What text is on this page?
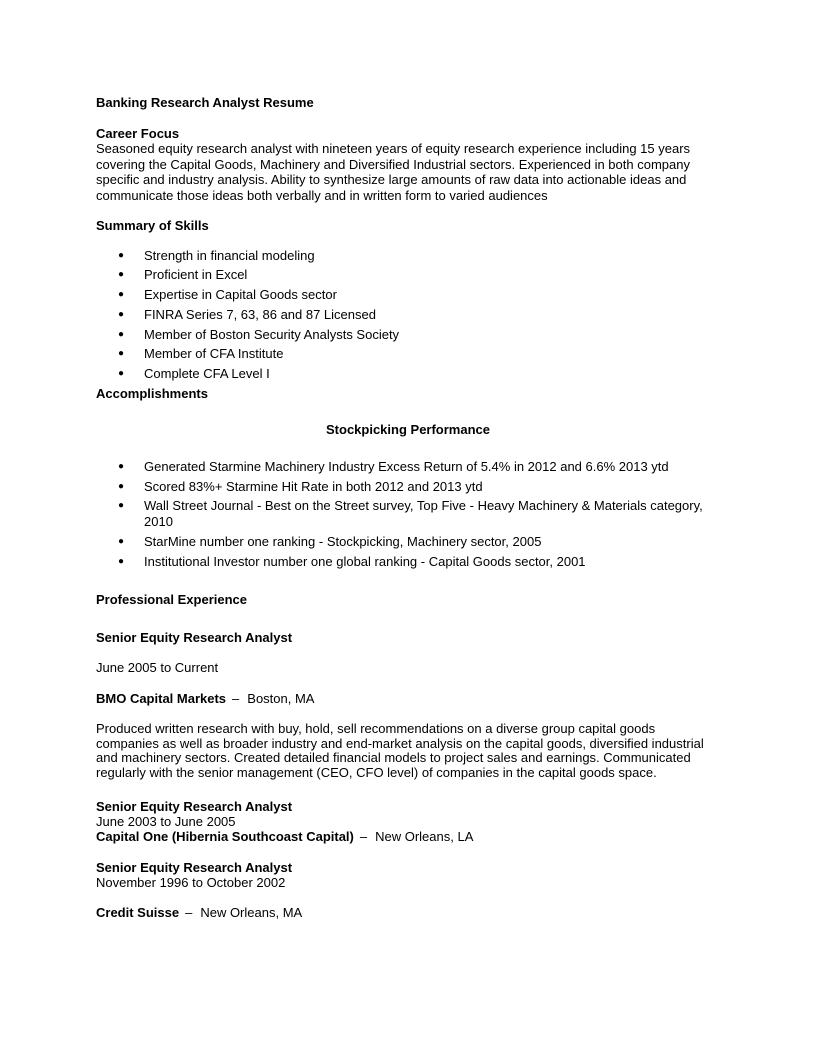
Banking Research Analyst Resume

Career Focus

Seasoned equity research analyst with nineteen years of equity research experience including 15 years covering the Capital Goods, Machinery and Diversified Industrial sectors. Experienced in both company specific and industry analysis. Ability to synthesize large amounts of raw data into actionable ideas and communicate those ideas both verbally and in written form to varied audiences

Summary of Skills

● Strength in financial modeling
● Proficient in Excel
● Expertise in Capital Goods sector
● FINRA Series 7, 63, 86 and 87 Licensed
● Member of Boston Security Analysts Society
● Member of CFA Institute
● Complete CFA Level I

Accomplishments

Stockpicking Performance

● Generated Starmine Machinery Industry Excess Return of 5.4% in 2012 and 6.6% 2013 ytd
● Scored 83%+ Starmine Hit Rate in both 2012 and 2013 ytd
● Wall Street Journal - Best on the Street survey, Top Five - Heavy Machinery & Materials category, 2010
● StarMine number one ranking - Stockpicking, Machinery sector, 2005
● Institutional Investor number one global ranking - Capital Goods sector, 2001

Professional Experience

Senior Equity Research Analyst

June 2005 to Current

BMO Capital Markets – Boston, MA

Produced written research with buy, hold, sell recommendations on a diverse group capital goods companies as well as broader industry and end-market analysis on the capital goods, diversified industrial and machinery sectors. Created detailed financial models to project sales and earnings. Communicated regularly with the senior management (CEO, CFO level) of companies in the capital goods space.

Senior Equity Research Analyst

June 2003 to June 2005

Capital One (Hibernia Southcoast Capital) – New Orleans, LA

Senior Equity Research Analyst

November 1996 to October 2002

Credit Suisse – New Orleans, MA
